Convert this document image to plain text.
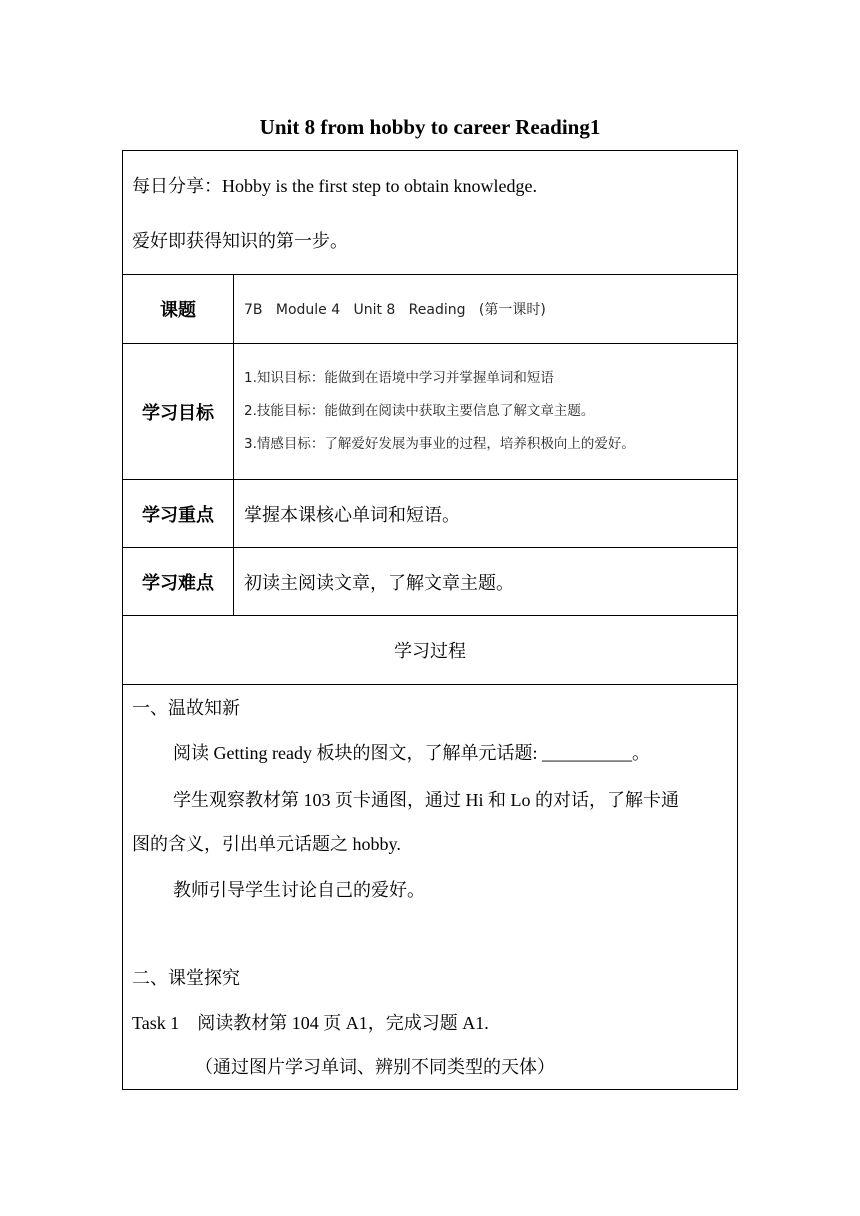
Unit 8 from hobby to career Reading1
每日分享：Hobby is the first step to obtain knowledge.
爱好即获得知识的第一步。
课题	7B   Module 4   Unit 8   Reading   (第一课时)
学习目标
1.知识目标：能做到在语境中学习并掌握单词和短语
2.技能目标：能做到在阅读中获取主要信息了解文章主题。
3.情感目标：了解爱好发展为事业的过程，培养积极向上的爱好。
学习重点	掌握本课核心单词和短语。
学习难点	初读主阅读文章，了解文章主题。
学习过程
一、温故知新
阅读 Getting ready 板块的图文，了解单元话题: __________。
学生观察教材第 103 页卡通图，通过 Hi 和 Lo 的对话，了解卡通
图的含义，引出单元话题之 hobby.
教师引导学生讨论自己的爱好。
二、课堂探究
Task 1    阅读教材第 104 页 A1，完成习题 A1.
（通过图片学习单词、辨别不同类型的天体）
